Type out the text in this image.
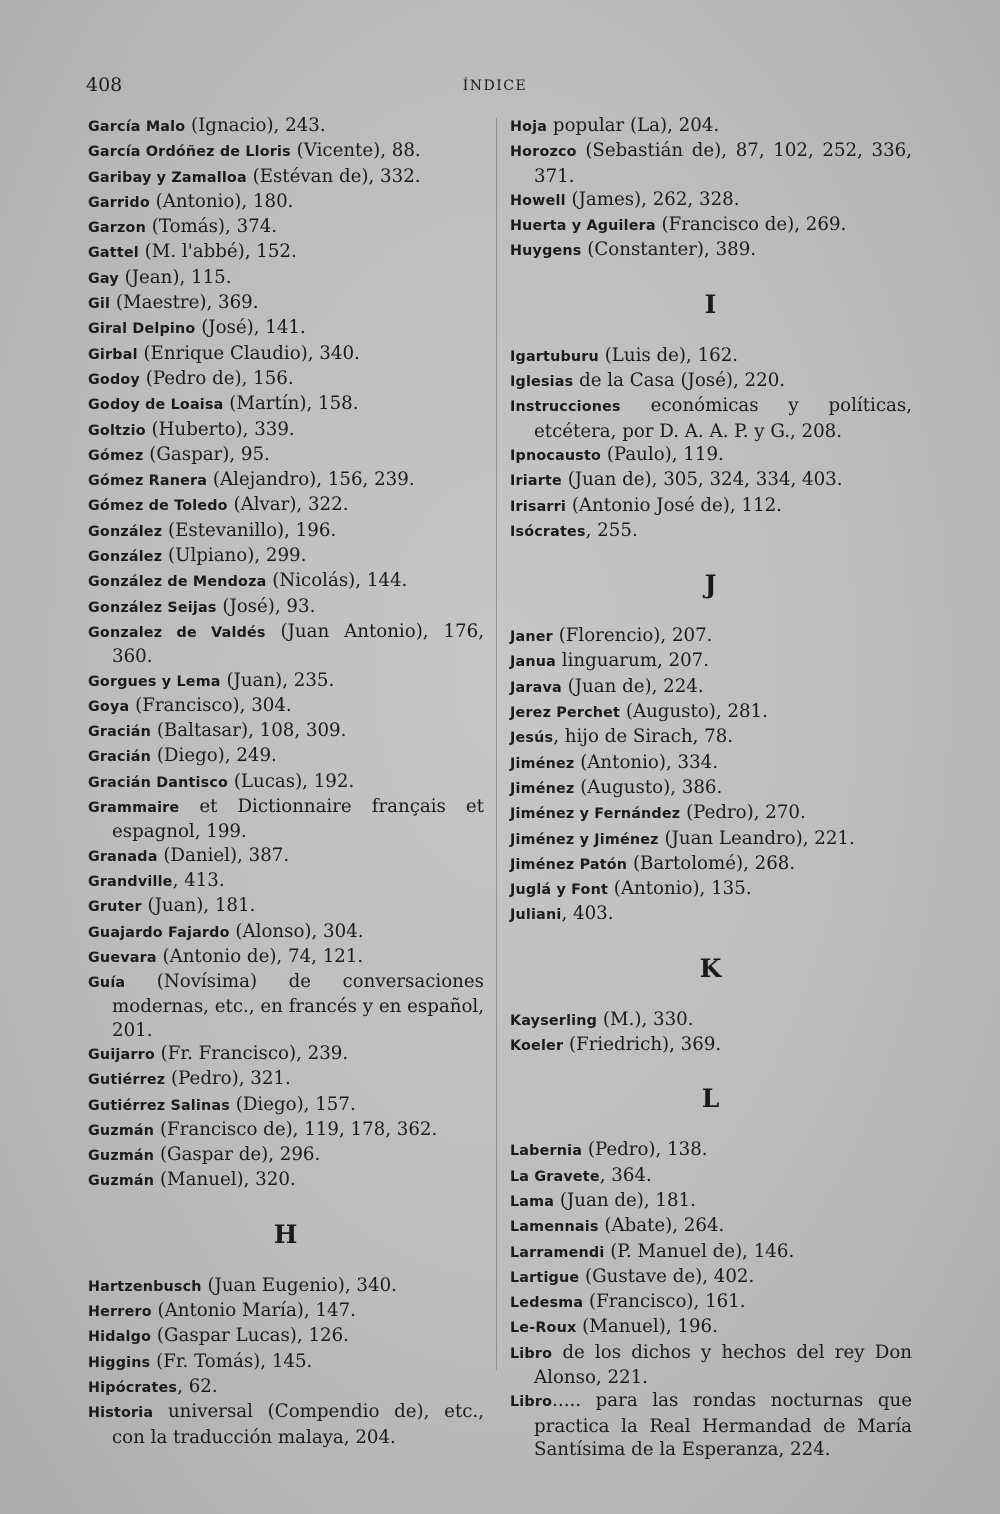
408	ÍNDICE
García Malo (Ignacio), 243.
García Ordóñez de Lloris (Vicente), 88.
Garibay y Zamalloa (Estévan de), 332.
Garrido (Antonio), 180.
Garzon (Tomás), 374.
Gattel (M. l'abbé), 152.
Gay (Jean), 115.
Gil (Maestre), 369.
Giral Delpino (José), 141.
Girbal (Enrique Claudio), 340.
Godoy (Pedro de), 156.
Godoy de Loaisa (Martín), 158.
Goltzio (Huberto), 339.
Gómez (Gaspar), 95.
Gómez Ranera (Alejandro), 156, 239.
Gómez de Toledo (Alvar), 322.
González (Estevanillo), 196.
González (Ulpiano), 299.
González de Mendoza (Nicolás), 144.
González Seijas (José), 93.
Gonzalez de Valdés (Juan Antonio), 176, 360.
Gorgues y Lema (Juan), 235.
Goya (Francisco), 304.
Gracián (Baltasar), 108, 309.
Gracián (Diego), 249.
Gracián Dantisco (Lucas), 192.
Grammaire et Dictionnaire français et espagnol, 199.
Granada (Daniel), 387.
Grandville, 413.
Gruter (Juan), 181.
Guajardo Fajardo (Alonso), 304.
Guevara (Antonio de), 74, 121.
Guía (Novísima) de conversaciones modernas, etc., en francés y en español, 201.
Guijarro (Fr. Francisco), 239.
Gutiérrez (Pedro), 321.
Gutiérrez Salinas (Diego), 157.
Guzmán (Francisco de), 119, 178, 362.
Guzmán (Gaspar de), 296.
Guzmán (Manuel), 320.
H
Hartzenbusch (Juan Eugenio), 340.
Herrero (Antonio María), 147.
Hidalgo (Gaspar Lucas), 126.
Higgins (Fr. Tomás), 145.
Hipócrates, 62.
Historia universal (Compendio de), etc., con la traducción malaya, 204.
Hoja popular (La), 204.
Horozco (Sebastián de), 87, 102, 252, 336, 371.
Howell (James), 262, 328.
Huerta y Aguilera (Francisco de), 269.
Huygens (Constanter), 389.
I
Igartuburu (Luis de), 162.
Iglesias de la Casa (José), 220.
Instrucciones económicas y políticas, etcétera, por D. A. A. P. y G., 208.
Ipnocausto (Paulo), 119.
Iriarte (Juan de), 305, 324, 334, 403.
Irisarri (Antonio José de), 112.
Isócrates, 255.
J
Janer (Florencio), 207.
Janua linguarum, 207.
Jarava (Juan de), 224.
Jerez Perchet (Augusto), 281.
Jesús, hijo de Sirach, 78.
Jiménez (Antonio), 334.
Jiménez (Augusto), 386.
Jiménez y Fernández (Pedro), 270.
Jiménez y Jiménez (Juan Leandro), 221.
Jiménez Patón (Bartolomé), 268.
Juglá y Font (Antonio), 135.
Juliani, 403.
K
Kayserling (M.), 330.
Koeler (Friedrich), 369.
L
Labernia (Pedro), 138.
La Gravete, 364.
Lama (Juan de), 181.
Lamennais (Abate), 264.
Larramendi (P. Manuel de), 146.
Lartigue (Gustave de), 402.
Ledesma (Francisco), 161.
Le-Roux (Manuel), 196.
Libro de los dichos y hechos del rey Don Alonso, 221.
Libro..... para las rondas nocturnas que practica la Real Hermandad de María Santísima de la Esperanza, 224.
